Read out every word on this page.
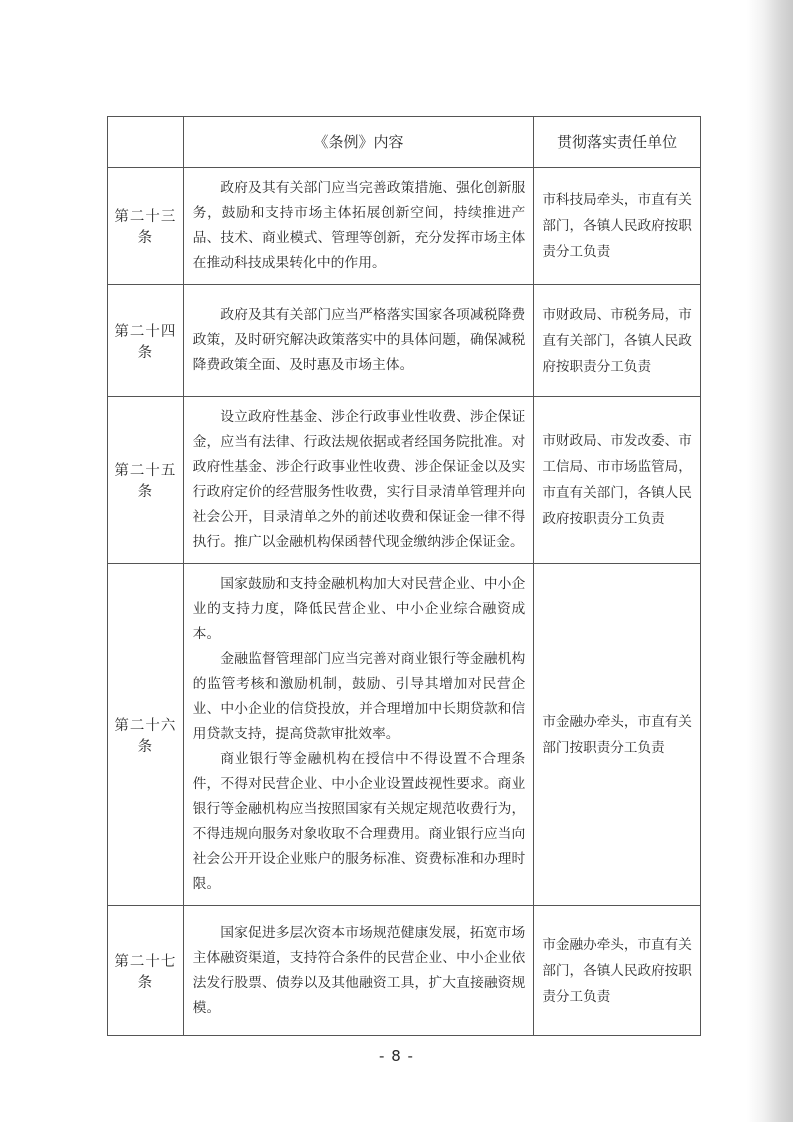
	《条例》内容	贯彻落实责任单位
第二十三条	政府及其有关部门应当完善政策措施、强化创新服务，鼓励和支持市场主体拓展创新空间，持续推进产品、技术、商业模式、管理等创新，充分发挥市场主体在推动科技成果转化中的作用。	市科技局牵头，市直有关部门，各镇人民政府按职责分工负责
第二十四条	政府及其有关部门应当严格落实国家各项减税降费政策，及时研究解决政策落实中的具体问题，确保减税降费政策全面、及时惠及市场主体。	市财政局、市税务局，市直有关部门，各镇人民政府按职责分工负责
第二十五条	设立政府性基金、涉企行政事业性收费、涉企保证金，应当有法律、行政法规依据或者经国务院批准。对政府性基金、涉企行政事业性收费、涉企保证金以及实行政府定价的经营服务性收费，实行目录清单管理并向社会公开，目录清单之外的前述收费和保证金一律不得执行。推广以金融机构保函替代现金缴纳涉企保证金。	市财政局、市发改委、市工信局、市市场监管局，市直有关部门，各镇人民政府按职责分工负责
第二十六条	国家鼓励和支持金融机构加大对民营企业、中小企业的支持力度，降低民营企业、中小企业综合融资成本。

金融监督管理部门应当完善对商业银行等金融机构的监管考核和激励机制，鼓励、引导其增加对民营企业、中小企业的信贷投放，并合理增加中长期贷款和信用贷款支持，提高贷款审批效率。

商业银行等金融机构在授信中不得设置不合理条件，不得对民营企业、中小企业设置歧视性要求。商业银行等金融机构应当按照国家有关规定规范收费行为，不得违规向服务对象收取不合理费用。商业银行应当向社会公开开设企业账户的服务标准、资费标准和办理时限。	市金融办牵头，市直有关部门按职责分工负责
第二十七条	国家促进多层次资本市场规范健康发展，拓宽市场主体融资渠道，支持符合条件的民营企业、中小企业依法发行股票、债券以及其他融资工具，扩大直接融资规模。	市金融办牵头，市直有关部门，各镇人民政府按职责分工负责
- 8 -
